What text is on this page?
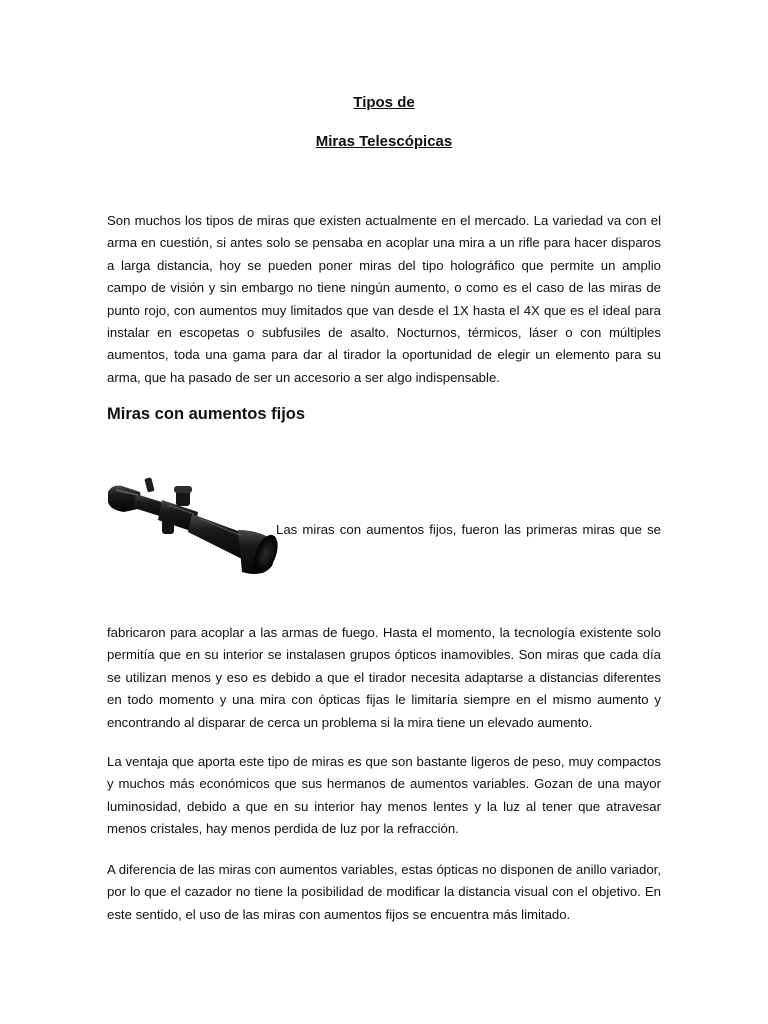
Tipos de
Miras Telescópicas

Son muchos los tipos de miras que existen actualmente en el mercado. La variedad va con el arma en cuestión, si antes solo se pensaba en acoplar una mira a un rifle para hacer disparos a larga distancia, hoy se pueden poner miras del tipo holográfico que permite un amplio campo de visión y sin embargo no tiene ningún aumento, o como es el caso de las miras de punto rojo, con aumentos muy limitados que van desde el 1X hasta el 4X que es el ideal para instalar en escopetas o subfusiles de asalto. Nocturnos, térmicos, láser o con múltiples aumentos, toda una gama para dar al tirador la oportunidad de elegir un elemento para su arma, que ha pasado de ser un accesorio a ser algo indispensable.

Miras con aumentos fijos

Las miras con aumentos fijos, fueron las primeras miras que se

fabricaron para acoplar a las armas de fuego. Hasta el momento, la tecnología existente solo permitía que en su interior se instalasen grupos ópticos inamovibles. Son miras que cada día se utilizan menos y eso es debido a que el tirador necesita adaptarse a distancias diferentes en todo momento y una mira con ópticas fijas le limitaría siempre en el mismo aumento y encontrando al disparar de cerca un problema si la mira tiene un elevado aumento.

La ventaja que aporta este tipo de miras es que son bastante ligeros de peso, muy compactos y muchos más económicos que sus hermanos de aumentos variables. Gozan de una mayor luminosidad, debido a que en su interior hay menos lentes y la luz al tener que atravesar menos cristales, hay menos perdida de luz por la refracción.

A diferencia de las miras con aumentos variables, estas ópticas no disponen de anillo variador, por lo que el cazador no tiene la posibilidad de modificar la distancia visual con el objetivo. En este sentido, el uso de las miras con aumentos fijos se encuentra más limitado.
